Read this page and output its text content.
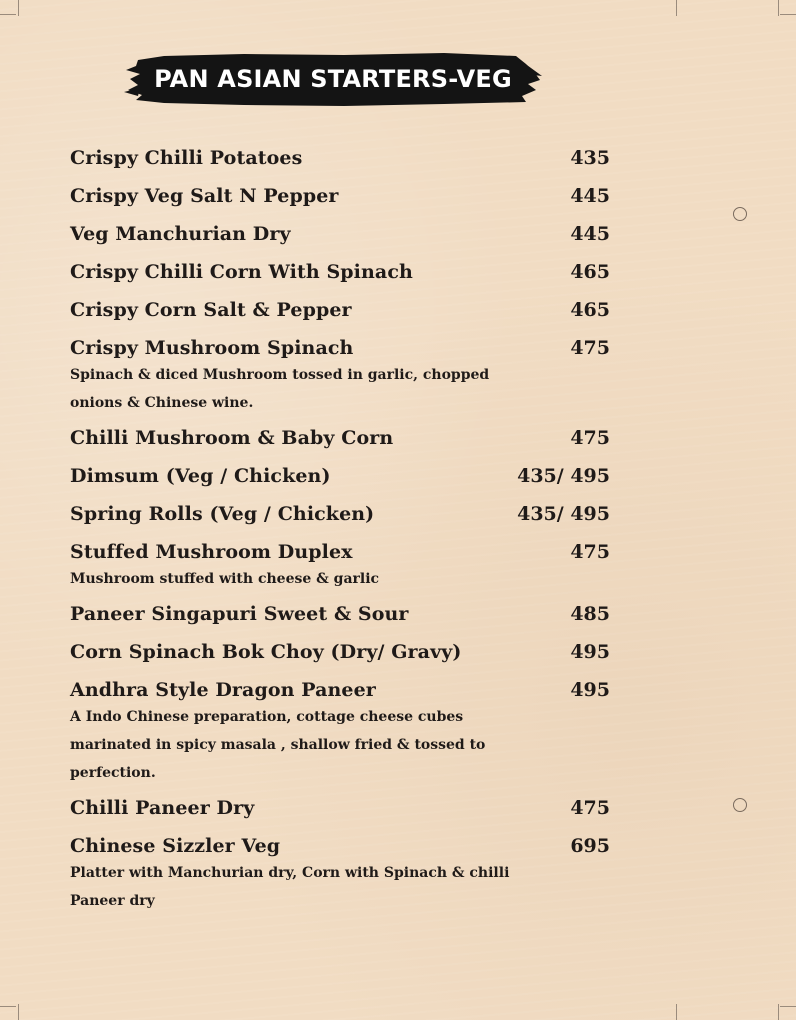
PAN ASIAN STARTERS-VEG
Crispy Chilli Potatoes	435
Crispy Veg Salt N Pepper	445
Veg Manchurian Dry	445
Crispy Chilli Corn With Spinach	465
Crispy Corn Salt & Pepper	465
Crispy Mushroom Spinach	475
Spinach & diced Mushroom tossed in garlic, chopped onions & Chinese wine.
Chilli Mushroom & Baby Corn	475
Dimsum (Veg / Chicken)	435/ 495
Spring Rolls (Veg / Chicken)	435/ 495
Stuffed Mushroom Duplex	475
Mushroom stuffed with cheese & garlic
Paneer Singapuri Sweet & Sour	485
Corn Spinach Bok Choy (Dry/ Gravy)	495
Andhra Style Dragon Paneer	495
A Indo Chinese preparation, cottage cheese cubes marinated in spicy masala , shallow fried & tossed to perfection.
Chilli Paneer Dry	475
Chinese Sizzler Veg	695
Platter with Manchurian dry, Corn with Spinach & chilli Paneer dry
